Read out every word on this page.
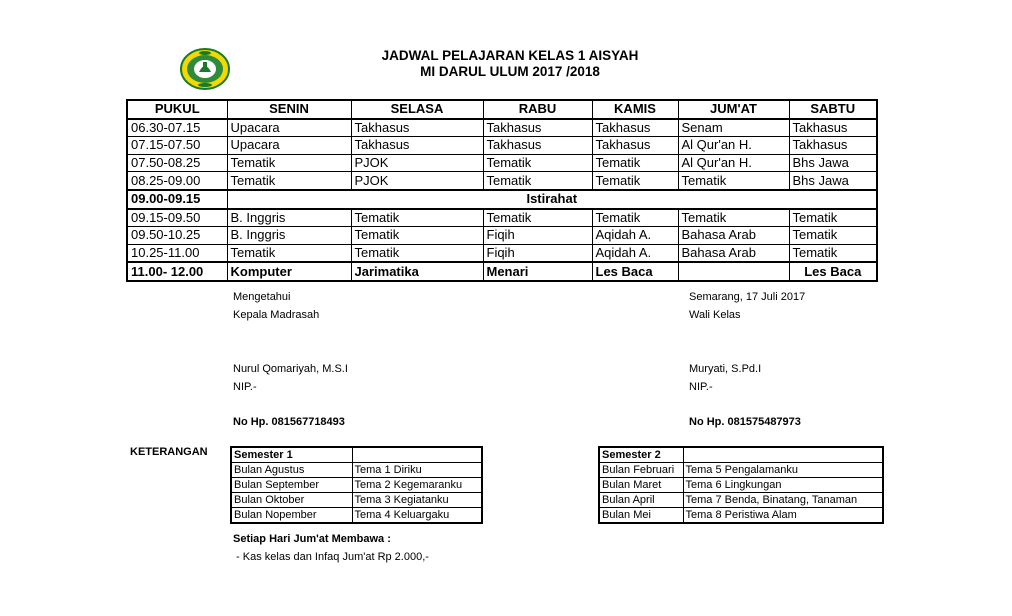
JADWAL PELAJARAN KELAS 1 AISYAH
MI DARUL ULUM 2017 /2018
PUKUL	SENIN	SELASA	RABU	KAMIS	JUM'AT	SABTU
06.30-07.15	Upacara	Takhasus	Takhasus	Takhasus	Senam	Takhasus
07.15-07.50	Upacara	Takhasus	Takhasus	Takhasus	Al Qur'an H.	Takhasus
07.50-08.25	Tematik	PJOK	Tematik	Tematik	Al Qur'an H.	Bhs Jawa
08.25-09.00	Tematik	PJOK	Tematik	Tematik	Tematik	Bhs Jawa
09.00-09.15	Istirahat					
09.15-09.50	B. Inggris	Tematik	Tematik	Tematik	Tematik	Tematik
09.50-10.25	B. Inggris	Tematik	Fiqih	Aqidah A.	Bahasa Arab	Tematik
10.25-11.00	Tematik	Tematik	Fiqih	Aqidah A.	Bahasa Arab	Tematik
11.00- 12.00	Komputer	Jarimatika	Menari	Les Baca		Les Baca
Mengetahui
Kepala Madrasah
Nurul Qomariyah, M.S.I
NIP.-
No Hp. 081567718493
Semarang, 17 Juli 2017
Wali Kelas
Muryati, S.Pd.I
NIP.-
No Hp. 081575487973
KETERANGAN Semester 1	
Bulan Agustus	Tema 1 Diriku
Bulan September	Tema 2 Kegemaranku
Bulan Oktober	Tema 3 Kegiatanku
Bulan Nopember	Tema 4 Keluargaku
Semester 2	
Bulan Februari	Tema 5 Pengalamanku
Bulan Maret	Tema 6 Lingkungan
Bulan April	Tema 7 Benda, Binatang, Tanaman
Bulan Mei	Tema 8 Peristiwa Alam
Setiap Hari Jum'at Membawa :
- Kas kelas dan Infaq Jum'at Rp 2.000,-
